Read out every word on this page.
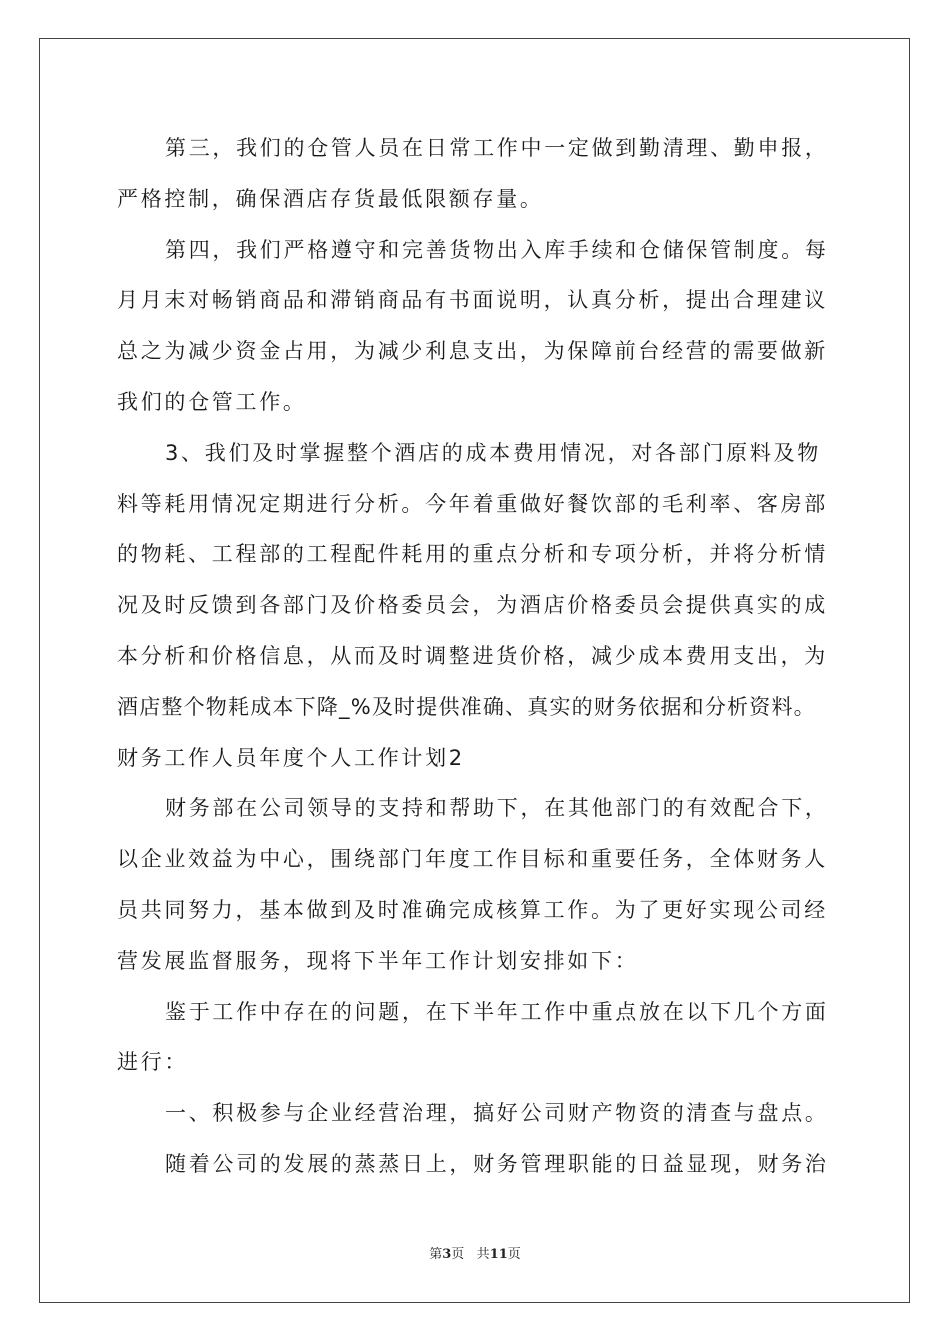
第三，我们的仓管人员在日常工作中一定做到勤清理、勤申报，
严格控制，确保酒店存货最低限额存量。
第四，我们严格遵守和完善货物出入库手续和仓储保管制度。每
月月末对畅销商品和滞销商品有书面说明，认真分析，提出合理建议
总之为减少资金占用，为减少利息支出，为保障前台经营的需要做新
我们的仓管工作。
3、我们及时掌握整个酒店的成本费用情况，对各部门原料及物
料等耗用情况定期进行分析。今年着重做好餐饮部的毛利率、客房部
的物耗、工程部的工程配件耗用的重点分析和专项分析，并将分析情
况及时反馈到各部门及价格委员会，为酒店价格委员会提供真实的成
本分析和价格信息，从而及时调整进货价格，减少成本费用支出，为
酒店整个物耗成本下降_%及时提供准确、真实的财务依据和分析资料。
财务工作人员年度个人工作计划2
财务部在公司领导的支持和帮助下，在其他部门的有效配合下，
以企业效益为中心，围绕部门年度工作目标和重要任务，全体财务人
员共同努力，基本做到及时准确完成核算工作。为了更好实现公司经
营发展监督服务，现将下半年工作计划安排如下：
鉴于工作中存在的问题，在下半年工作中重点放在以下几个方面
进行：
一、积极参与企业经营治理，搞好公司财产物资的清查与盘点。
随着公司的发展的蒸蒸日上，财务管理职能的日益显现，财务治
第3页 共11页
